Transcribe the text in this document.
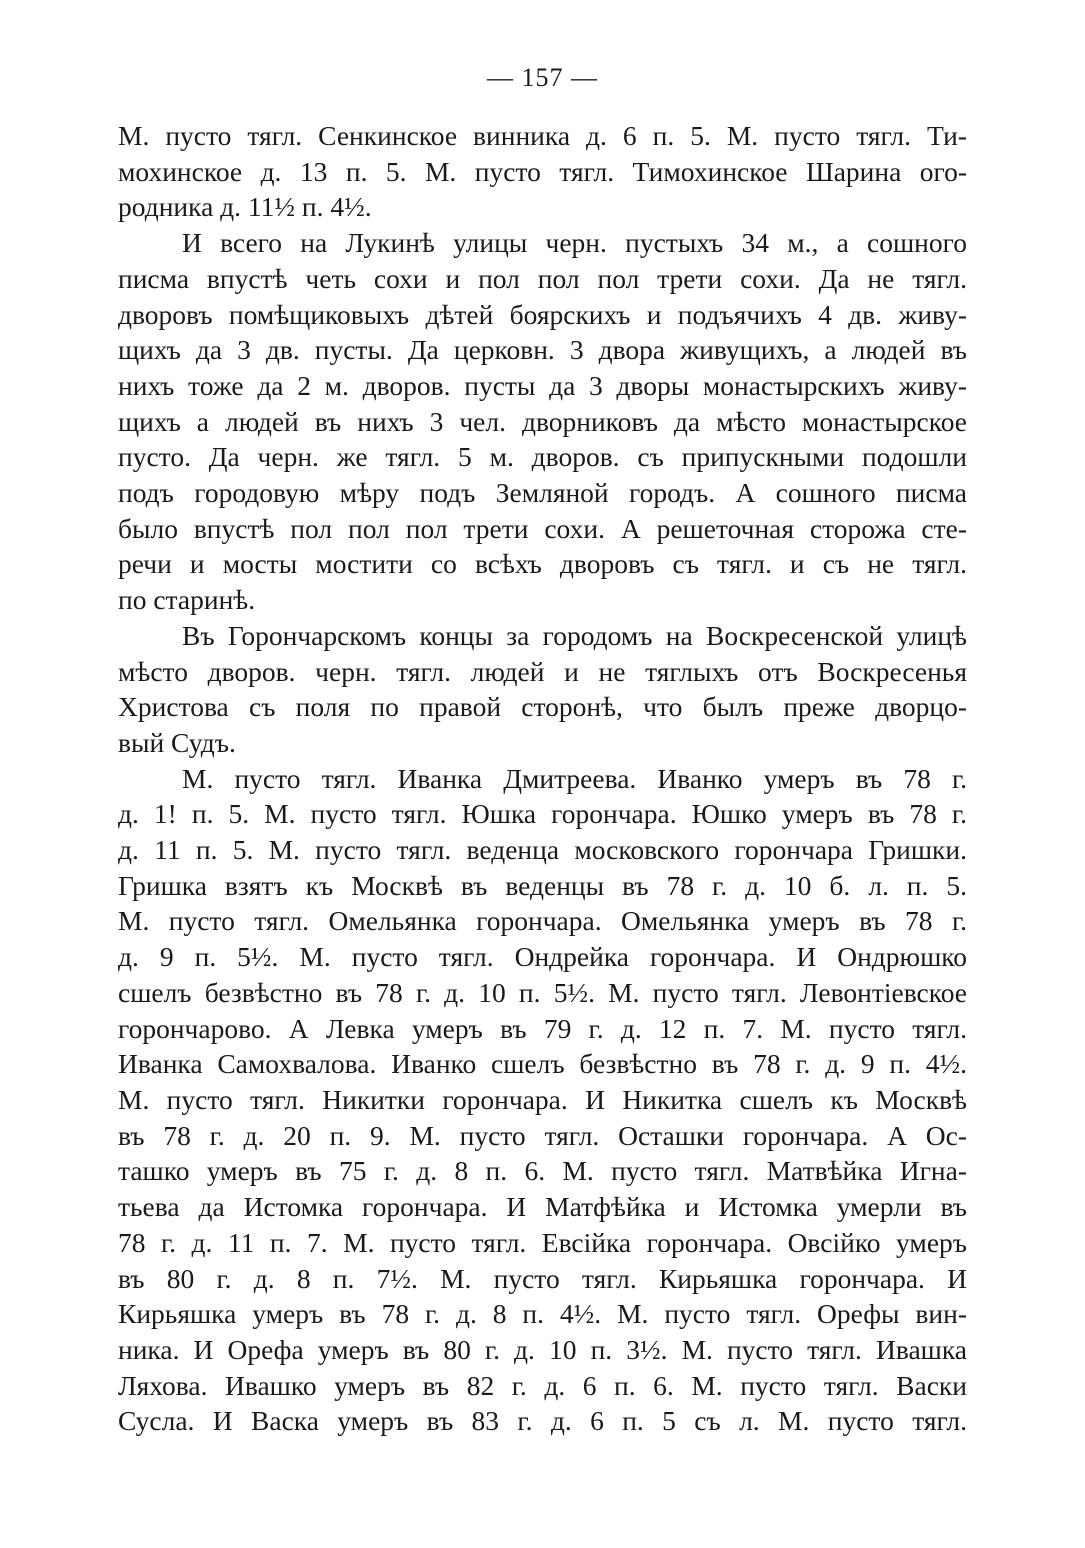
— 157 —
М. пусто тягл. Сенкинское винника д. 6 п. 5. М. пусто тягл. Ти-
мохинское д. 13 п. 5. М. пусто тягл. Тимохинское Шарина ого-
родника д. 11½ п. 4½.
И всего на Лукинѣ улицы черн. пустыхъ 34 м., а сошного
писма впустѣ четь сохи и пол пол пол трети сохи. Да не тягл.
дворовъ помѣщиковыхъ дѣтей боярскихъ и подъячихъ 4 дв. живу-
щихъ да 3 дв. пусты. Да церковн. 3 двора живущихъ, а людей въ
нихъ тоже да 2 м. дворов. пусты да 3 дворы монастырскихъ живу-
щихъ а людей въ нихъ 3 чел. дворниковъ да мѣсто монастырское
пусто. Да черн. же тягл. 5 м. дворов. съ припускными подошли
подъ городовую мѣру подъ Земляной городъ. А сошного писма
было впустѣ пол пол пол трети сохи. А решеточная сторожа сте-
речи и мосты мостити со всѣхъ дворовъ съ тягл. и съ не тягл.
по старинѣ.
Въ Горончарскомъ концы за городомъ на Воскресенской улицѣ
мѣсто дворов. черн. тягл. людей и не тяглыхъ отъ Воскресенья
Христова съ поля по правой сторонѣ, что былъ преже дворцо-
вый Судъ.
М. пусто тягл. Иванка Дмитреева. Иванко умеръ въ 78 г.
д. 1! п. 5. М. пусто тягл. Юшка горончара. Юшко умеръ въ 78 г.
д. 11 п. 5. М. пусто тягл. веденца московского горончара Гришки.
Гришка взятъ къ Москвѣ въ веденцы въ 78 г. д. 10 б. л. п. 5.
М. пусто тягл. Омельянка горончара. Омельянка умеръ въ 78 г.
д. 9 п. 5½. М. пусто тягл. Ондрейка горончара. И Ондрюшко
сшелъ безвѣстно въ 78 г. д. 10 п. 5½. М. пусто тягл. Левонтіевское
горончарово. А Левка умеръ въ 79 г. д. 12 п. 7. М. пусто тягл.
Иванка Самохвалова. Иванко сшелъ безвѣстно въ 78 г. д. 9 п. 4½.
М. пусто тягл. Никитки горончара. И Никитка сшелъ къ Москвѣ
въ 78 г. д. 20 п. 9. М. пусто тягл. Осташки горончара. А Ос-
ташко умеръ въ 75 г. д. 8 п. 6. М. пусто тягл. Матвѣйка Игна-
тьева да Истомка горончара. И Матфѣйка и Истомка умерли въ
78 г. д. 11 п. 7. М. пусто тягл. Евсійка горончара. Овсійко умеръ
въ 80 г. д. 8 п. 7½. М. пусто тягл. Кирьяшка горончара. И
Кирьяшка умеръ въ 78 г. д. 8 п. 4½. М. пусто тягл. Орефы вин-
ника. И Орефа умеръ въ 80 г. д. 10 п. 3½. М. пусто тягл. Ивашка
Ляхова. Ивашко умеръ въ 82 г. д. 6 п. 6. М. пусто тягл. Васки
Сусла. И Васка умеръ въ 83 г. д. 6 п. 5 съ л. М. пусто тягл.
